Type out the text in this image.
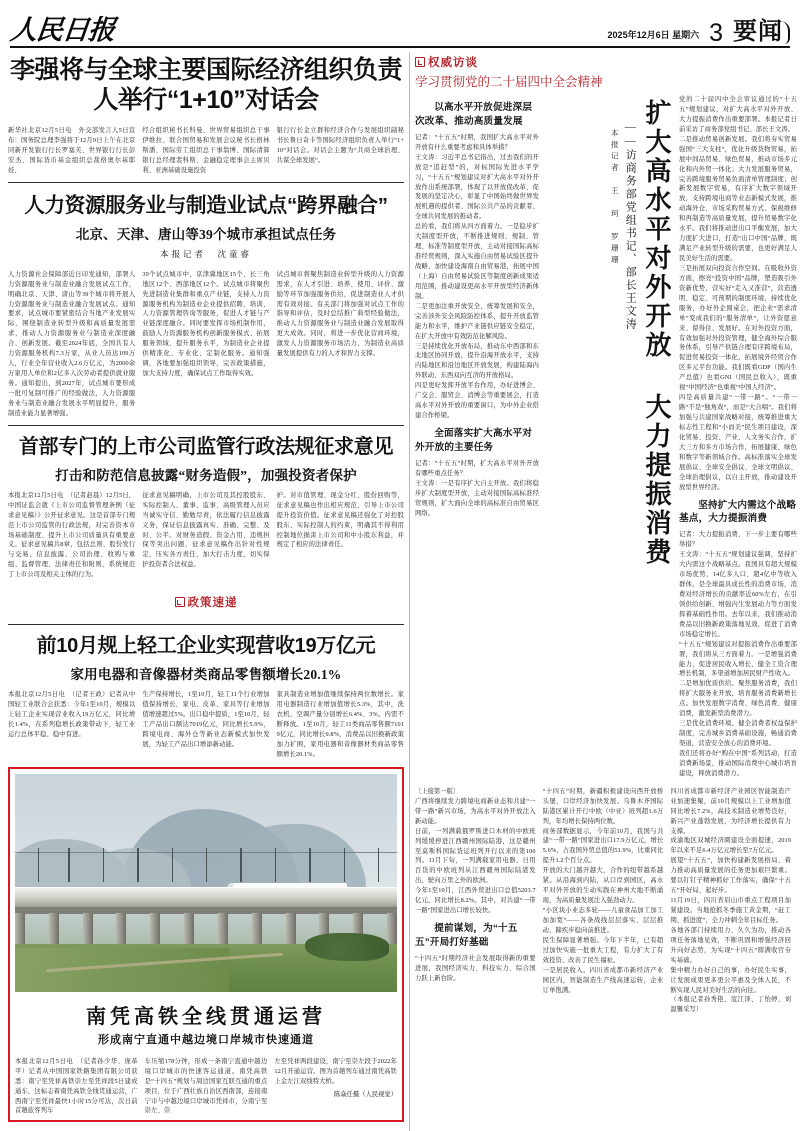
人民日报	2025年12月6日 星期六 3 要闻
李强将与全球主要国际经济组织负责人举行“1+10”对话会
新华社北京12月5日电　外交部发言人5日宣布：国务院总理李强将于12月9日上午在北京同新开发银行行长罗塞芙、世界银行行长彭安杰、国际货币基金组织总裁格奥尔基耶娃、
经合组织秘书长科曼、世界贸易组织总干事伊维拉、联合国贸易和发展会议秘书长格林斯潘、国际劳工组织总干事翁博、国际清算银行总经理裴科斯、金融稳定理事会主席贝利、亚洲基础设施投资
银行行长金立群和经济合作与发展组织副秘书长鲁日奇卡等国际经济组织负责人举行“1+10”对话会。对话会主题为“共商全球治理、共谋全球发展”。
人力资源服务业与制造业试点“跨界融合”
北京、天津、唐山等39个城市承担试点任务
本报记者　沈童睿
人力资源社会保障部近日印发通知，部署人力资源服务业与制造业融合发展试点工作，明确北京、天津、唐山等39个城市将开展人力资源服务业与制造业融合发展试点。通知要求，试点城市要紧密结合当地产业发展实际，围绕制造业转型升级和高质量发展需求，推动人力资源服务业与制造业深度融合、创新发展。截至2024年底，全国共有人力资源服务机构7.3万家，从业人员达109万人，行业全年营业收入2.6万亿元，为2000余万家用人单位和2亿多人次劳动者提供就业服务。通知提出，到2027年，试点城市要形成一批可复制可推广的经验做法，人力资源服务业与制造业融合发展水平明显提升，服务制造业能力显著增强。
39个试点城市中，京津冀地区15个、长三角地区12个、西部地区12个。试点城市将聚焦先进制造业集群和重点产业链，支持人力资源服务机构为制造业企业提供招聘、培训、人力资源管理咨询等服务，促进人才链与产业链深度融合。同时要发挥市场机制作用，鼓励人力资源服务机构创新服务模式、拓展服务领域、提升服务水平，为制造业企业提供精准化、专业化、定制化服务。通知强调，各地要加强组织领导，完善政策措施，加大支持力度，确保试点工作取得实效。
试点城市将聚焦制造业转型升级的人力资源需求，在人才引进、培养、使用、评价、激励等环节加强服务供给，促进制造业人才供需有效对接。有关部门将加强对试点工作的指导和评估，及时总结推广典型经验做法，推动人力资源服务业与制造业融合发展取得更大成效。同时，将进一步优化营商环境，激发人力资源服务市场活力，为制造业高质量发展提供有力的人才和智力支撑。
首部专门的上市公司监管行政法规征求意见
打击和防范信息披露“财务造假”，加强投资者保护
本报北京12月5日电　（记者赵晨）12月5日，中国证监会就《上市公司监督管理条例（征求意见稿）》公开征求意见。这是首部专门规范上市公司监管的行政法规，对完善资本市场基础制度、提升上市公司质量具有重要意义。征求意见稿共8章，包括总则、股份发行与交易、信息披露、公司治理、收购与重组、监督管理、法律责任和附则，系统规范了上市公司及相关主体的行为。
征求意见稿明确，上市公司及其控股股东、实际控制人、董事、监事、高级管理人员应当诚实守信、勤勉尽责，依法履行信息披露义务，保证信息披露真实、准确、完整、及时、公平。对财务造假、资金占用、违规担保等突出问题，征求意见稿作出针对性规定，压实各方责任，加大打击力度，切实保护投资者合法权益。
护。对市值管理、现金分红、股份回购等，征求意见稿也作出相应规范，引导上市公司提升投资价值。征求意见稿还强化了对控股股东、实际控制人的约束，明确其不得利用控制地位损害上市公司和中小股东利益，并规定了相应的法律责任。
政策速递
前10月规上轻工企业实现营收19万亿元
家用电器和音像器材类商品零售额增长20.1%
本报北京12月5日电　（记者王政）记者从中国轻工业联合会获悉：今年1至10月，规模以上轻工企业实现营业收入19万亿元，同比增长1.4%，在系列稳增长政策带动下，轻工业运行总体平稳、稳中有进。
生产保持增长，1至10月，轻工11个行业增加值保持增长，家电、皮革、家具等行业增加值增速超过5%。出口稳中提质，1至10月，轻工产品出口额达7019亿元，同比增长5.9%，跨境电商、海外仓等新业态新模式加快发展，为轻工产品出口增添新动能。
家具制造业增加值继续保持两位数增长。家用电器制造行业增加值增长5.3%，其中，洗衣机、空调产量分别增长6.4%、3%。内需不断释放。1至10月，轻工11类商品零售额71019亿元，同比增长9.8%，消费品以旧换新政策加力扩围，家用电器和音像器材类商品零售额增长20.1%。
南凭高铁全线贯通运营
形成南宁直通中越边境口岸城市快速通道
本报北京12月5日电　（记者孙少华、庞革平）记者从中国国家铁路集团有限公司获悉：南宁至凭祥高铁崇左至凭祥段5日建成通车，这标志着南凭高铁全线贯通运营，广西南宁至凭祥最快1小时15分可达，次日前首趟旅客列车
车压缩178分钟，形成一条南宁直通中越边境口岸城市的快速客运通道。南凭高铁是“十四五”规划与周边国家互联互通的重点项目，位于广西壮族自治区西南部，连接南宁市与中越边境口岸城市凭祥市，分南宁至崇左、崇
左至凭祥两段建设，南宁至崇左段于2022年12月开通运营。图为首趟列车通过南凭高铁上金左江双线特大桥。
陈焱任摄（人民视觉）
权威访谈
学习贯彻党的二十届四中全会精神
以高水平开放促进深层次改革、推动高质量发展
记者：“十五五”时期，我国扩大高水平对外开放有什么重要考虑和具体举措？
王文涛：习近平总书记指出，过去我们的开放是“追赶型”的，对标国际先进水平学习，“十五五”规划建议对扩大高水平对外开放作出系统部署，体现了以开放促改革、促发展的坚定决心，彰显了中国始终做世界发展机遇的提供者、国际公共产品的贡献者、全球共同发展的推动者。
总的看，我们将从四方面着力。一是稳步扩大制度型开放，不断推进规则、规制、管理、标准等制度型开放，主动对接国际高标准经贸规则，深入实施自由贸易试验区提升战略，加快建设海南自由贸易港，拓展中国（上海）自由贸易试验区等制度创新成果适用范围，推动建设更高水平开放型经济新体制。
二是更加注重开放安全，统筹发展和安全，完善涉外安全风险防控体系，提升开放监管能力和水平，维护产业链供应链安全稳定，在扩大开放中有效防范化解风险。
三是持续优化开放布局，推动东中西部和东北地区协同开放，提升沿海开放水平，支持内陆地区和沿边地区开放发展，构建陆海内外联动、东西双向互济的开放格局。
四是更好发挥开放平台作用，办好进博会、广交会、服贸会、消博会等重要展会，打造高水平对外开放的重要窗口，为中外企业搭建合作桥梁。
全面落实扩大高水平对外开放的主要任务
记者：“十五五”时期，扩大高水平对外开放有哪些重点任务？
王文涛：一是有序扩大自主开放。我们将稳步扩大制度型开放，主动对接国际高标准经贸规则，扩大面向全球的高标准自由贸易区网络。	扩大高水平对外开放 大力提振消费
——访商务部党组书记、部长王文涛
本报记者　王　珂　罗珊珊
党的二十届四中全会审议通过的“十五五”规划建议，对扩大高水平对外开放、大力提振消费作出重要部署。本报记者日前采访了商务部党组书记、部长王文涛。
二是推动贸易创新发展。我们将夯实贸易强国“三大支柱”，优化升级货物贸易，拓展中间品贸易、绿色贸易，推动市场多元化和内外贸一体化；大力发展服务贸易，完善跨境服务贸易负面清单管理制度；创新发展数字贸易，有序扩大数字领域开放，支持跨境电商等业态新模式发展，推动海外仓、市场采购贸易方式、保税维修和再制造等高质量发展，提升贸易数字化水平。我们将推动进出口平衡发展，加大力度扩大进口，打造“出口中国”品牌，既满足产业转型升级的需要，也更好满足人民美好生活的需要。
三是拓展双向投资合作空间。在吸收外资方面，擦亮“投资中国”品牌，塑造吸引外资新优势，营实好“走入又准营”，营造透明、稳定、可预期的制度环境，持续优化服务，办好外企圆桌会，把企业“需求清单”变成我们的“服务清单”，让外资愿意来、留得住、发展好。在对外投资方面，有效加强对外投资管理，健全海外综合服务体系，引导产供链合理有序跨境布局，促进贸易投资一体化，拓展境外经贸合作区多元平台功能。我们既看GDP（国内生产总值）也看GNI（国民总收入），既重视“中国经济”也重视“中国人经济”。
四是高质量共建“一带一路”。“一带一路”不是“独角戏”，而是“大合唱”。我们将加强与共建国家战略对接，统筹推进重大标志性工程和“小而美”民生项目建设，深化贸易、投资、产业、人文务实合作，扩大三方和多方市场合作，拓展健康、绿色和数字等新领域合作。高标准落实全球发展倡议、全球安全倡议、全球文明倡议、全球治理倡议，以自主开放，推动建设开放型世界经济。
坚持扩大内需这个战略基点，大力提振消费
记者：大力提振消费，下一步主要有哪些举措？
王文涛：“十五五”规划建议强调，坚持扩大内需这个战略基点。我国具有超大规模市场优势，14亿多人口、超4亿中等收入群体，是全球最具成长性的消费市场，消费对经济增长的贡献率近60%左右，在引领供给创新、增强内生发展动力等方面发挥着基础性作用。去年以来，我们推动消费品以旧换新政策落地见效，促进了消费市场稳定增长。
“十五五”规划建议对提振消费作出重要部署，我们将从三方面着力。一是增强消费能力，促进居民收入增长，健全工资合理增长机制，多渠道增加居民财产性收入。
二是增加优质供给。聚焦服务消费，我们将扩大服务业开放，培育服务消费新增长点。加快发展数字消费、绿色消费、健康消费，激发新型消费潜力。
三是优化消费环境。健全消费者权益保护制度，完善城乡消费基础设施，畅通消费渠道，营造安全放心的消费环境。
我们还将办好“购在中国”系列活动，打造消费新场景，推动国际消费中心城市培育建设，释放消费潜力。
〔上接第一版〕
广西将继续发力跨境电商新业态和共建“一带一路”新兴市场，为高水平对外开放注入新动能。
日前，一列满载俄罗斯进口木材的中欧班列缓缓停进江西赣州国际陆港，这是赣州至莫斯科国际货运班列开行以来的第100列。11月下旬，一列满载家用电器、日用百货的中欧班列从江西赣州国际陆港发出，驶向万里之外的欧洲。
今年1至10月，江西外贸进出口总值5203.7亿元，同比增长8.2%。其中，对共建“一带一路”国家进出口增长较快。
提前谋划，为“十五五”开局打好基础
“十四五”时期经济社会发展取得新的重要进展，我国经济实力、科技实力、综合国力跃上新台阶。
“十四五”时期，新疆积极建设向西开放桥头堡，口岸经济加快发展。乌鲁木齐国际陆港区累计开行中欧（中亚）班列超1.6万列，年均增长保持两位数。
商务部数据显示，今年前10月，我国与共建“一带一路”国家进出口17.9万亿元，增长5.6%，占我国外贸总值的51.9%，比重同比提升1.2个百分点。
开放的大门越开越大，合作的纽带越系越紧。从沿海到内陆，从口岸到园区，高水平对外开放的生动实践在神州大地不断涌现，为高质量发展注入强劲动力。
“小区块小业态多轮——儿童食品加工加工加加宽”——各条战线层层落实、层层推动，蹄疾步稳向前推进。
民生保障显著增强。今年下半年，已有超过加快实施一批重大工程，有力扩大了有效投资、改善了民生福祉。
一是居民收入。四川省成都市新经济产业园区内，智能制造生产线高速运转，企业订单饱满。
四川省成都市新经济产业园区智能制造产业加速集聚，前10月规模以上工业增加值同比增长7.2%，高技术制造业增势良好，新兴产业蓬勃发展，为经济增长提供有力支撑。
成渝地区双城经济圈建设全面提速，2019年以来不足6.4万亿元增长至7万亿元。
展望“十五五”，加快构建新发展格局、着力推动高质量发展的任务更加艰巨繁重。要以钉钉子精神抓好工作落实，确保“十五五”开好局、起好步。
11月19日，四川省眉山市重点工程项目加紧建设。当地抢抓冬季施工黄金期，“赶工期、抓进度”，全力冲刺全年目标任务。
各地各部门持续用力、久久为功，推动各项任务落地见效，不断巩固和增强经济回升向好态势，为实现“十四五”圆满收官夯实基础。
集中精力办好自己的事，办好民生实事，让发展成果更多更公平惠及全体人民，不断实现人民对美好生活的向往。
（本报记者孙秀艳、寇江泽、丁怡婷、刘温馨采写）
